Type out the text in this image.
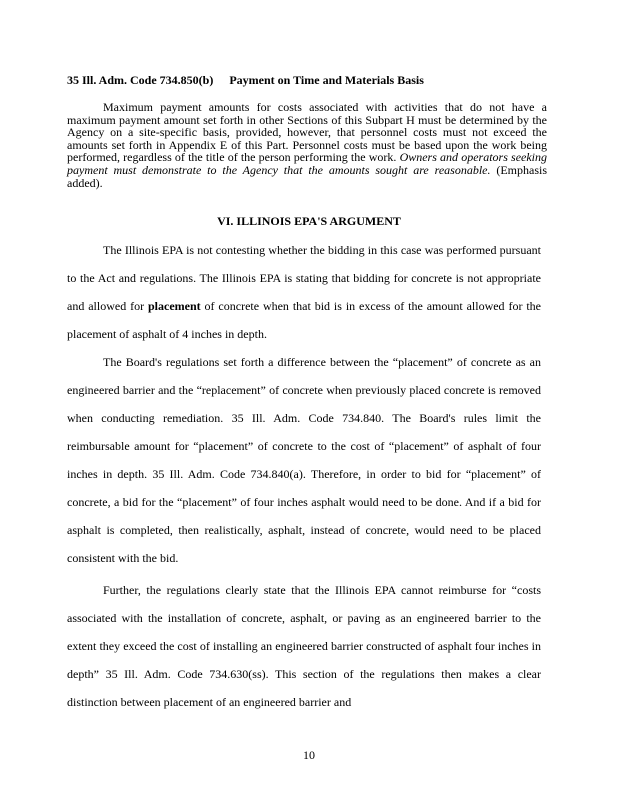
35 Ill. Adm. Code 734.850(b) Payment on Time and Materials Basis
Maximum payment amounts for costs associated with activities that do not have a maximum payment amount set forth in other Sections of this Subpart H must be determined by the Agency on a site-specific basis, provided, however, that personnel costs must not exceed the amounts set forth in Appendix E of this Part. Personnel costs must be based upon the work being performed, regardless of the title of the person performing the work. Owners and operators seeking payment must demonstrate to the Agency that the amounts sought are reasonable. (Emphasis added).
VI. ILLINOIS EPA'S ARGUMENT
The Illinois EPA is not contesting whether the bidding in this case was performed pursuant to the Act and regulations. The Illinois EPA is stating that bidding for concrete is not appropriate and allowed for placement of concrete when that bid is in excess of the amount allowed for the placement of asphalt of 4 inches in depth.
The Board's regulations set forth a difference between the “placement” of concrete as an engineered barrier and the “replacement” of concrete when previously placed concrete is removed when conducting remediation. 35 Ill. Adm. Code 734.840. The Board's rules limit the reimbursable amount for “placement” of concrete to the cost of “placement” of asphalt of four inches in depth. 35 Ill. Adm. Code 734.840(a). Therefore, in order to bid for “placement” of concrete, a bid for the “placement” of four inches asphalt would need to be done. And if a bid for asphalt is completed, then realistically, asphalt, instead of concrete, would need to be placed consistent with the bid.
Further, the regulations clearly state that the Illinois EPA cannot reimburse for “costs associated with the installation of concrete, asphalt, or paving as an engineered barrier to the extent they exceed the cost of installing an engineered barrier constructed of asphalt four inches in depth” 35 Ill. Adm. Code 734.630(ss). This section of the regulations then makes a clear distinction between placement of an engineered barrier and
10
